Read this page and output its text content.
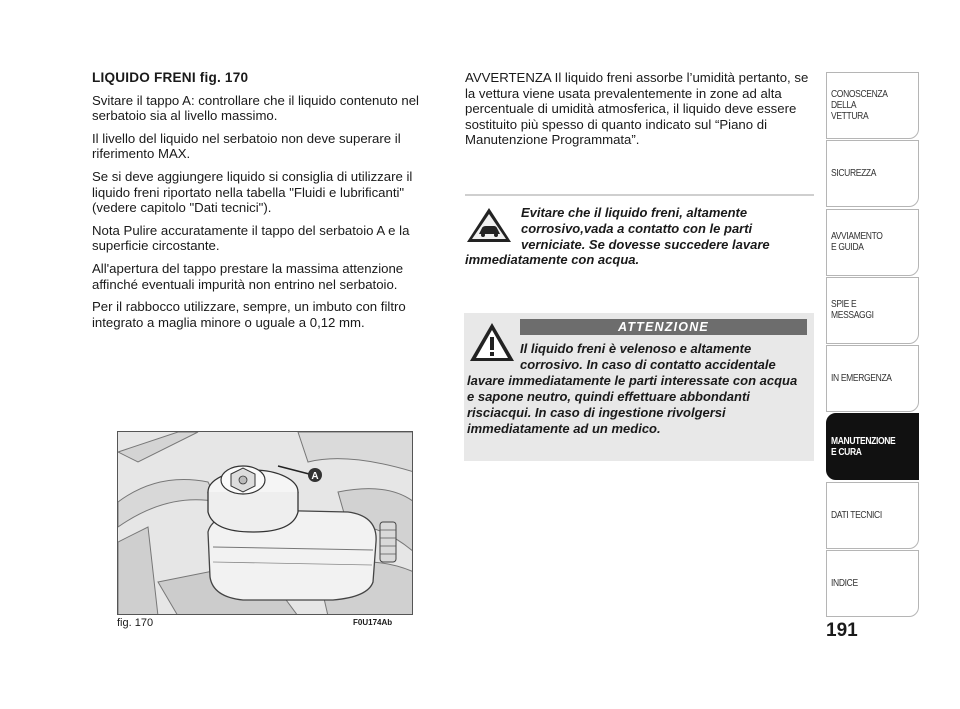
LIQUIDO FRENI fig. 170

Svitare il tappo A: controllare che il liquido contenuto nel serbatoio sia al livello massimo.

Il livello del liquido nel serbatoio non deve superare il riferimento MAX.

Se si deve aggiungere liquido si consiglia di utilizzare il liquido freni riportato nella tabella "Fluidi e lubrificanti" (vedere capitolo "Dati tecnici").

Nota Pulire accuratamente il tappo del serbatoio A e la superficie circostante.

All'apertura del tappo prestare la massima attenzione affinché eventuali impurità non entrino nel serbatoio.

Per il rabbocco utilizzare, sempre, un imbuto con filtro integrato a maglia minore o uguale a 0,12 mm.

A
fig. 170	F0U174Ab
AVVERTENZA Il liquido freni assorbe l’umidità pertanto, se la vettura viene usata prevalentemente in zone ad alta percentuale di umidità atmosferica, il liquido deve essere sostituito più spesso di quanto indicato sul “Piano di Manutenzione Programmata”.
Evitare che il liquido freni, altamente corrosivo,vada a contatto con le parti verniciate. Se dovesse succedere lavare immediatamente con acqua.
ATTENZIONE
Il liquido freni è velenoso e altamente corrosivo. In caso di contatto accidentale lavare immediatamente le parti interessate con acqua e sapone neutro, quindi effettuare abbondanti risciacqui. In caso di ingestione rivolgersi immediatamente ad un medico.
CONOSCENZA
DELLA
VETTURA
SICUREZZA
AVVIAMENTO
E GUIDA
SPIE E
MESSAGGI
IN EMERGENZA
MANUTENZIONE
E CURA
DATI TECNICI
INDICE
191
